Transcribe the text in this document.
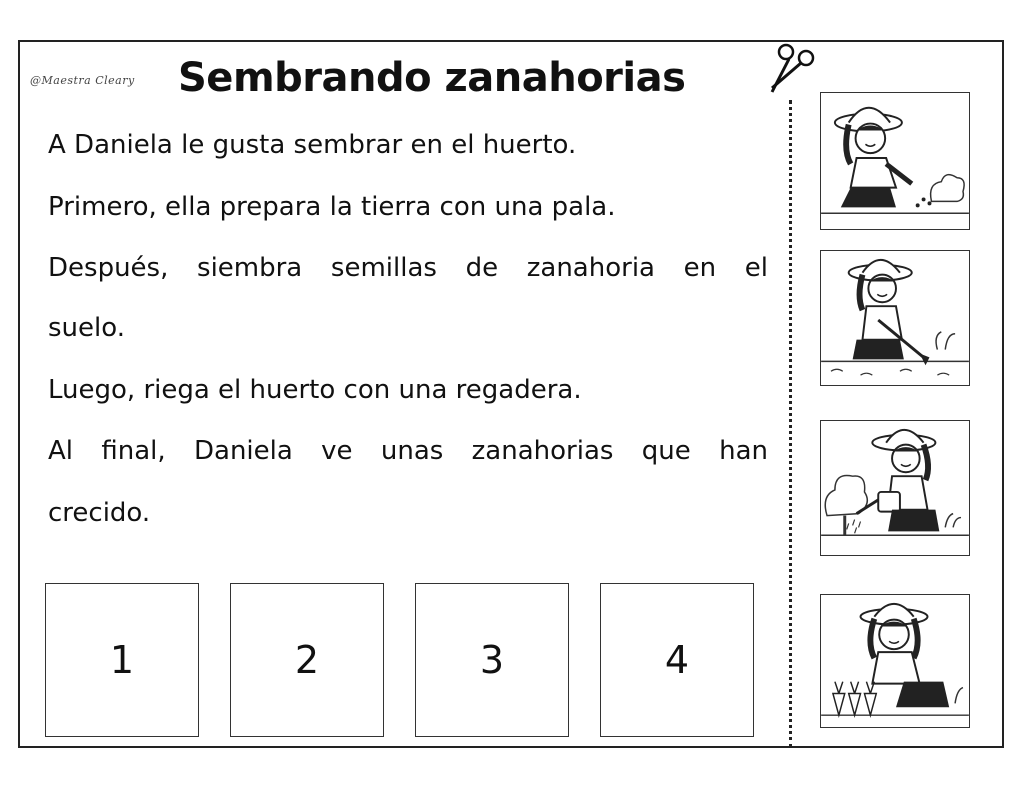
@Maestra Cleary Sembrando zanahorias
A Daniela le gusta sembrar en el huerto.
Primero, ella prepara la tierra con una pala.
Después, siembra semillas de zanahoria en el
suelo.
Luego, riega el huerto con una regadera.
Al final, Daniela ve unas zanahorias que han
crecido.
1	2	3	4
